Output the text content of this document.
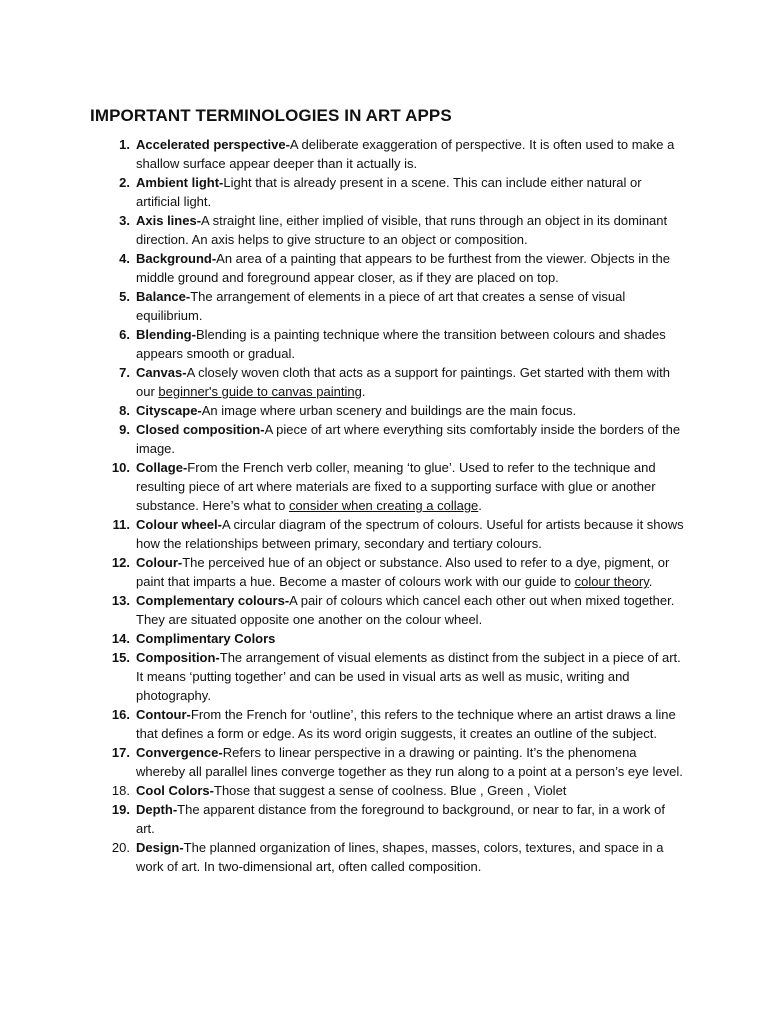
IMPORTANT TERMINOLOGIES IN ART APPS
1. Accelerated perspective-A deliberate exaggeration of perspective. It is often used to make a shallow surface appear deeper than it actually is.
2. Ambient light-Light that is already present in a scene. This can include either natural or artificial light.
3. Axis lines-A straight line, either implied of visible, that runs through an object in its dominant direction. An axis helps to give structure to an object or composition.
4. Background-An area of a painting that appears to be furthest from the viewer. Objects in the middle ground and foreground appear closer, as if they are placed on top.
5. Balance-The arrangement of elements in a piece of art that creates a sense of visual equilibrium.
6. Blending-Blending is a painting technique where the transition between colours and shades appears smooth or gradual.
7. Canvas-A closely woven cloth that acts as a support for paintings. Get started with them with our beginner's guide to canvas painting.
8. Cityscape-An image where urban scenery and buildings are the main focus.
9. Closed composition-A piece of art where everything sits comfortably inside the borders of the image.
10. Collage-From the French verb coller, meaning ‘to glue’. Used to refer to the technique and resulting piece of art where materials are fixed to a supporting surface with glue or another substance. Here’s what to consider when creating a collage.
11. Colour wheel-A circular diagram of the spectrum of colours. Useful for artists because it shows how the relationships between primary, secondary and tertiary colours.
12. Colour-The perceived hue of an object or substance. Also used to refer to a dye, pigment, or paint that imparts a hue. Become a master of colours work with our guide to colour theory.
13. Complementary colours-A pair of colours which cancel each other out when mixed together. They are situated opposite one another on the colour wheel.
14. Complimentary Colors
15. Composition-The arrangement of visual elements as distinct from the subject in a piece of art. It means ‘putting together’ and can be used in visual arts as well as music, writing and photography.
16. Contour-From the French for ‘outline’, this refers to the technique where an artist draws a line that defines a form or edge. As its word origin suggests, it creates an outline of the subject.
17. Convergence-Refers to linear perspective in a drawing or painting. It’s the phenomena whereby all parallel lines converge together as they run along to a point at a person’s eye level.
18. Cool Colors-Those that suggest a sense of coolness. Blue , Green , Violet
19. Depth-The apparent distance from the foreground to background, or near to far, in a work of art.
20. Design-The planned organization of lines, shapes, masses, colors, textures, and space in a work of art. In two-dimensional art, often called composition.
